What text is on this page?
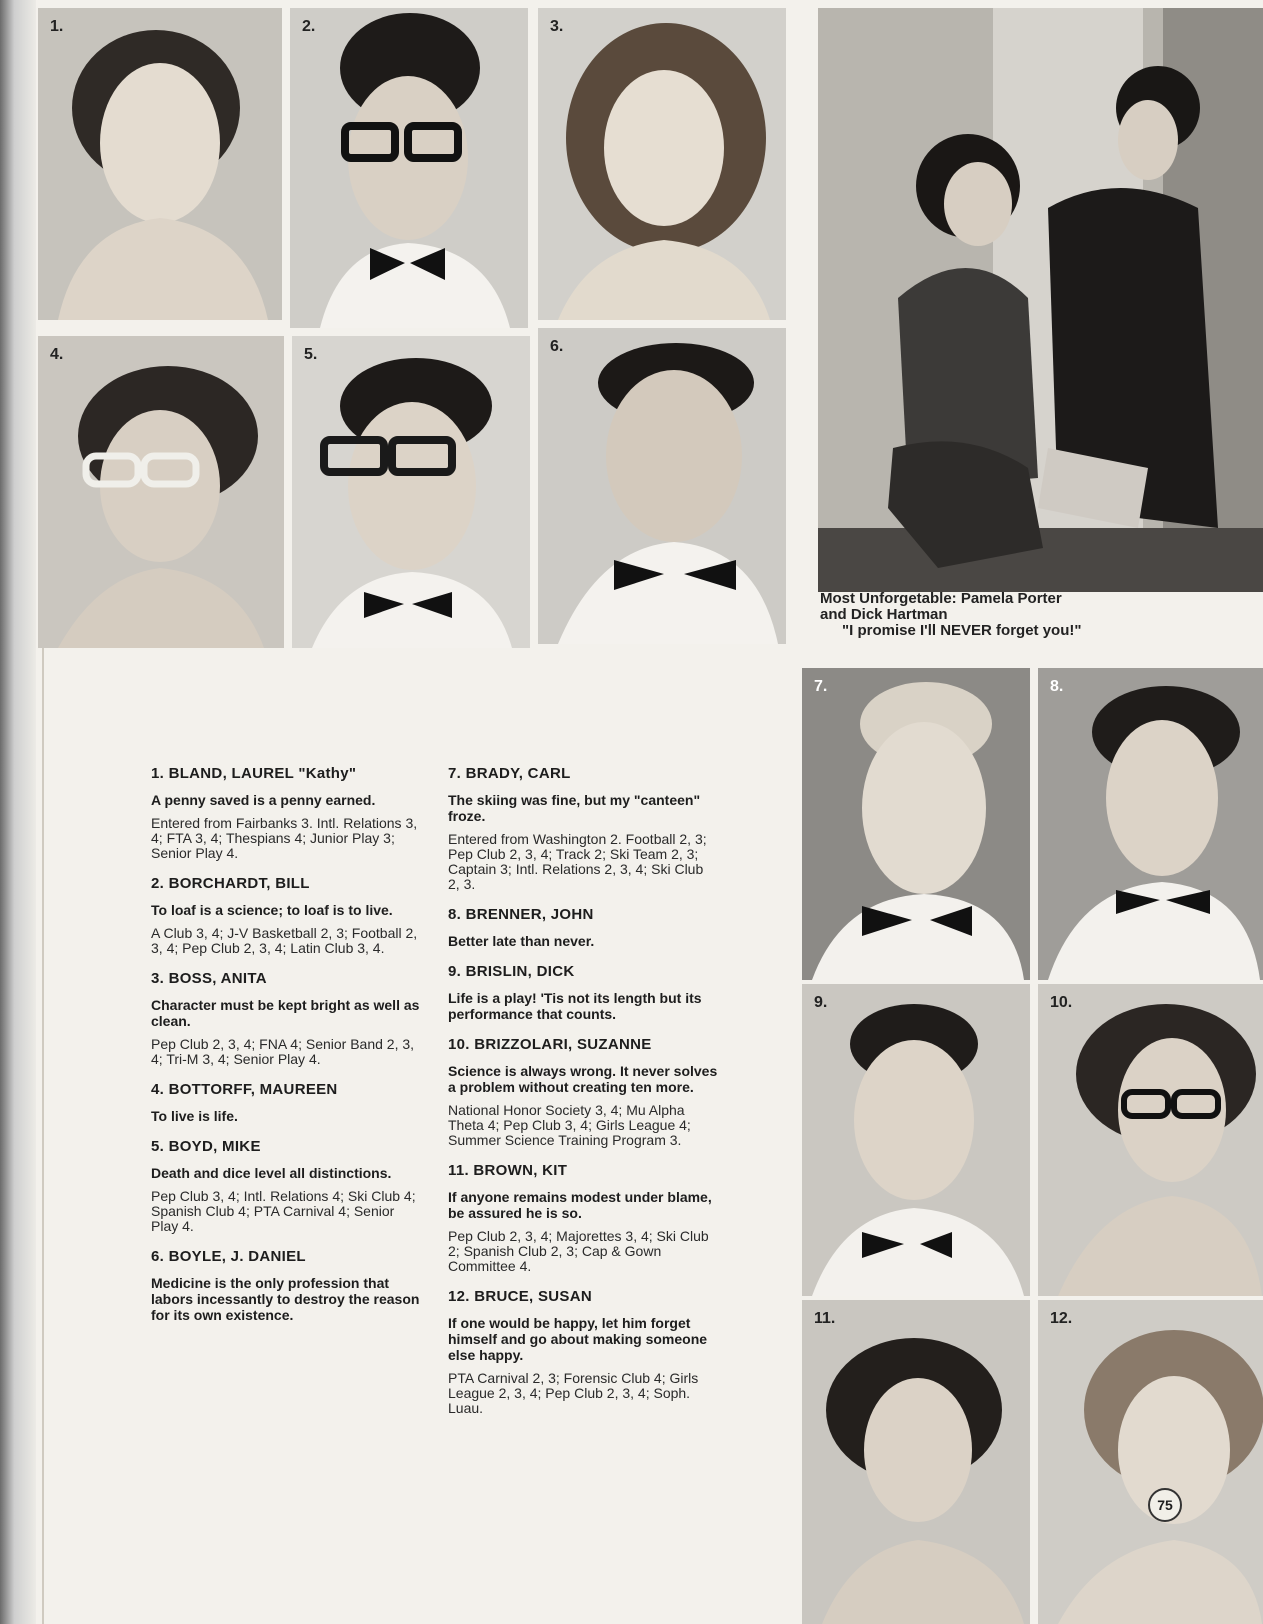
1.	2.	3.
4.	5.	6.
Most Unforgetable: Pamela Porter
and Dick Hartman
"I promise I'll NEVER forget you!"
7.	8.
9.	10.
11.	12.
75

1. BLAND, LAUREL "Kathy"

A penny saved is a penny earned.

Entered from Fairbanks 3. Intl. Relations 3, 4; FTA 3, 4; Thespians 4; Junior Play 3; Senior Play 4.

2. BORCHARDT, BILL

To loaf is a science; to loaf is to live.

A Club 3, 4; J-V Basketball 2, 3; Football 2, 3, 4; Pep Club 2, 3, 4; Latin Club 3, 4.

3. BOSS, ANITA

Character must be kept bright as well as clean.

Pep Club 2, 3, 4; FNA 4; Senior Band 2, 3, 4; Tri-M 3, 4; Senior Play 4.

4. BOTTORFF, MAUREEN

To live is life.

5. BOYD, MIKE

Death and dice level all distinctions.

Pep Club 3, 4; Intl. Relations 4; Ski Club 4; Spanish Club 4; PTA Carnival 4; Senior Play 4.

6. BOYLE, J. DANIEL

Medicine is the only profession that labors incessantly to destroy the reason for its own existence.

7. BRADY, CARL

The skiing was fine, but my "canteen" froze.

Entered from Washington 2. Football 2, 3; Pep Club 2, 3, 4; Track 2; Ski Team 2, 3; Captain 3; Intl. Relations 2, 3, 4; Ski Club 2, 3.

8. BRENNER, JOHN

Better late than never.

9. BRISLIN, DICK

Life is a play! 'Tis not its length but its performance that counts.

10. BRIZZOLARI, SUZANNE

Science is always wrong. It never solves a problem without creating ten more.

National Honor Society 3, 4; Mu Alpha Theta 4; Pep Club 3, 4; Girls League 4; Summer Science Training Program 3.

11. BROWN, KIT

If anyone remains modest under blame, be assured he is so.

Pep Club 2, 3, 4; Majorettes 3, 4; Ski Club 2; Spanish Club 2, 3; Cap & Gown Committee 4.

12. BRUCE, SUSAN

If one would be happy, let him forget himself and go about making someone else happy.

PTA Carnival 2, 3; Forensic Club 4; Girls League 2, 3, 4; Pep Club 2, 3, 4; Soph. Luau.
